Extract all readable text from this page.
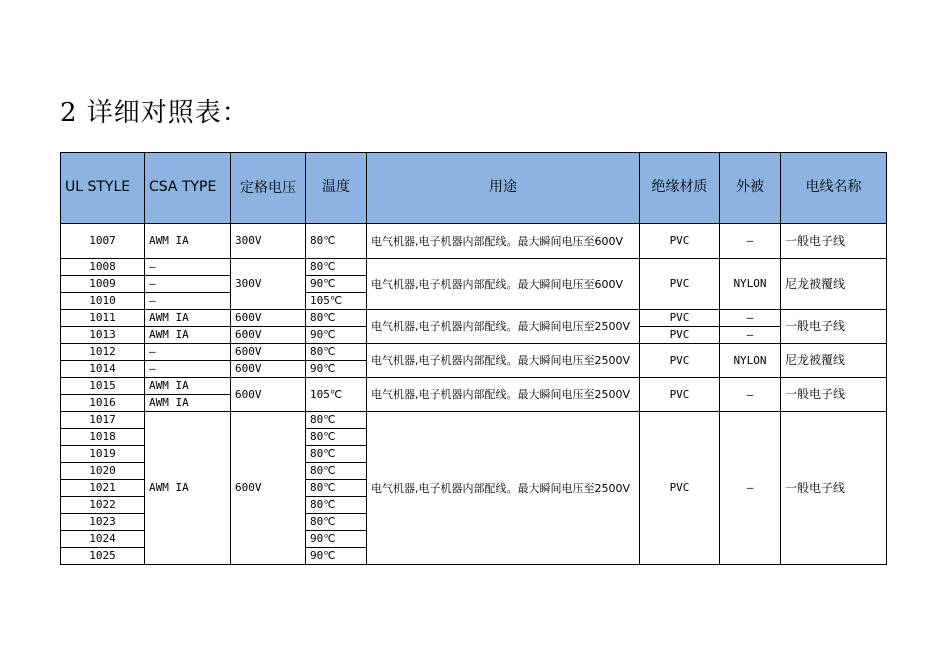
2 详细对照表：
UL STYLE	CSA TYPE	定格电压	温度	用途	绝缘材质	外被	电线名称
1007	AWM IA	300V	80℃	电气机器,电子机器内部配线。最大瞬间电压至600V	PVC	—	一般电子线
1008	—	300V	80℃	电气机器,电子机器内部配线。最大瞬间电压至600V	PVC	NYLON	尼龙被覆线
1009	—		90℃				
1010	—		105℃				
1011	AWM IA	600V	80℃	电气机器,电子机器内部配线。最大瞬间电压至2500V	PVC	—	一般电子线
1013	AWM IA	600V	90℃		PVC	—	
1012	—	600V	80℃	电气机器,电子机器内部配线。最大瞬间电压至2500V	PVC	NYLON	尼龙被覆线
1014	—	600V	90℃				
1015	AWM IA	600V	105℃	电气机器,电子机器内部配线。最大瞬间电压至2500V	PVC	—	一般电子线
1016	AWM IA						
1017	AWM IA	600V	80℃	电气机器,电子机器内部配线。最大瞬间电压至2500V	PVC	—	一般电子线
1018			80℃				
1019			80℃				
1020			80℃				
1021			80℃				
1022			80℃				
1023			80℃				
1024			90℃				
1025			90℃				
